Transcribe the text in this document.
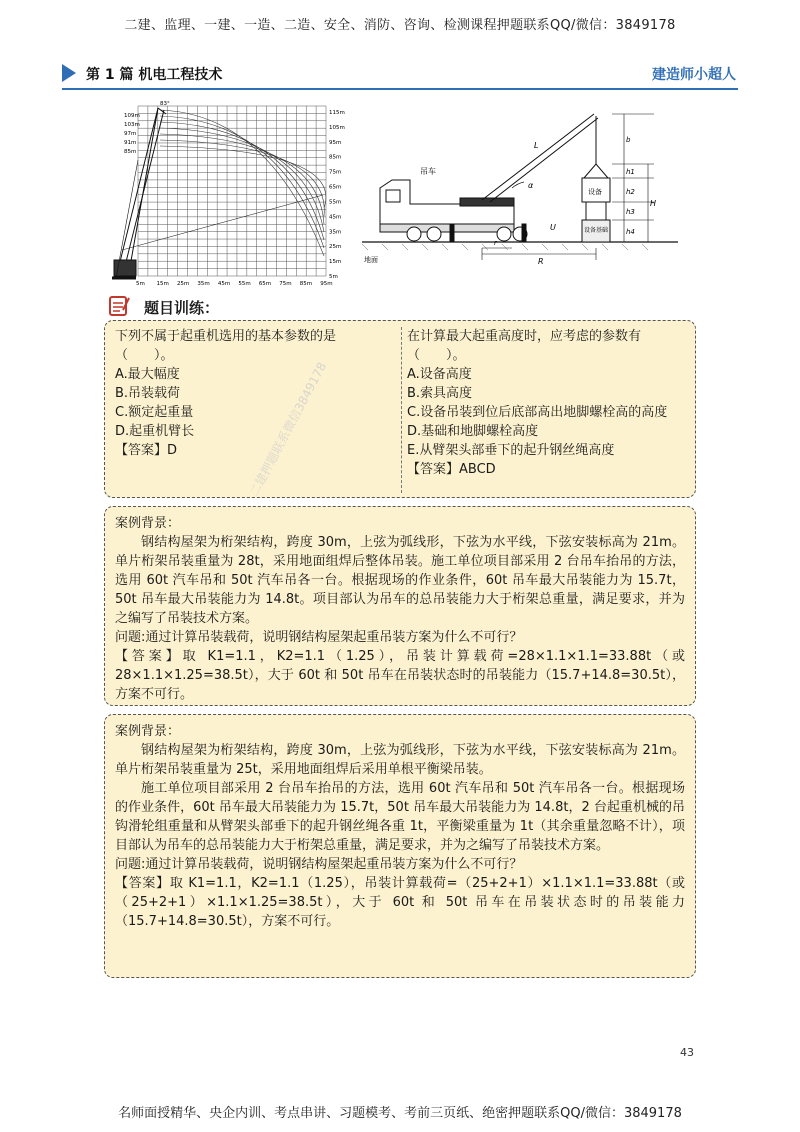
二建、监理、一建、一造、二造、安全、消防、咨询、检测课程押题联系QQ/微信：3849178
第 1 篇 机电工程技术	建造师小超人
115m
105m
95m
85m
75m
65m
55m
45m
35m
25m
15m
5m
5m 15m 25m 35m 45m 55m 65m 75m 85m 95m
83°
109m
103m
97m
91m
85m
吊车
设备
设备基础
地面
L
α
H
U
r
R
b
h1
h2
h3
h4
题目训练：
下列不属于起重机选用的基本参数的是
（　　）。
A.最大幅度
B.吊装载荷
C.额定起重量
D.起重机臂长
【答案】D
在计算最大起重高度时，应考虑的参数有
（　　）。
A.设备高度
B.索具高度
C.设备吊装到位后底部高出地脚螺栓高的高度
D.基础和地脚螺栓高度
E.从臂架头部垂下的起升钢丝绳高度
【答案】ABCD
二建押题联系微信3849178
案例背景：
钢结构屋架为桁架结构，跨度 30m，上弦为弧线形，下弦为水平线，下弦安装标高为 21m。单片桁架吊装重量为 28t，采用地面组焊后整体吊装。施工单位项目部采用 2 台吊车抬吊的方法，选用 60t 汽车吊和 50t 汽车吊各一台。根据现场的作业条件，60t 吊车最大吊装能力为 15.7t，50t 吊车最大吊装能力为 14.8t。项目部认为吊车的总吊装能力大于桁架总重量，满足要求，并为之编写了吊装技术方案。
问题:通过计算吊装载荷，说明钢结构屋架起重吊装方案为什么不可行？
【答案】取 K1=1.1，K2=1.1（1.25），吊装计算载荷=28×1.1×1.1=33.88t（或 28×1.1×1.25=38.5t），大于 60t 和 50t 吊车在吊装状态时的吊装能力（15.7+14.8=30.5t），方案不可行。
案例背景：
钢结构屋架为桁架结构，跨度 30m，上弦为弧线形，下弦为水平线，下弦安装标高为 21m。单片桁架吊装重量为 25t，采用地面组焊后采用单根平衡梁吊装。
施工单位项目部采用 2 台吊车抬吊的方法，选用 60t 汽车吊和 50t 汽车吊各一台。根据现场的作业条件，60t 吊车最大吊装能力为 15.7t，50t 吊车最大吊装能力为 14.8t，2 台起重机械的吊钩滑轮组重量和从臂架头部垂下的起升钢丝绳各重 1t，平衡梁重量为 1t（其余重量忽略不计），项目部认为吊车的总吊装能力大于桁架总重量，满足要求，并为之编写了吊装技术方案。
问题:通过计算吊装载荷，说明钢结构屋架起重吊装方案为什么不可行？
【答案】取 K1=1.1，K2=1.1（1.25），吊装计算载荷=（25+2+1）×1.1×1.1=33.88t（或（25+2+1）×1.1×1.25=38.5t），大于 60t 和 50t 吊车在吊装状态时的吊装能力（15.7+14.8=30.5t），方案不可行。
43
名师面授精华、央企内训、考点串讲、习题模考、考前三页纸、绝密押题联系QQ/微信：3849178
